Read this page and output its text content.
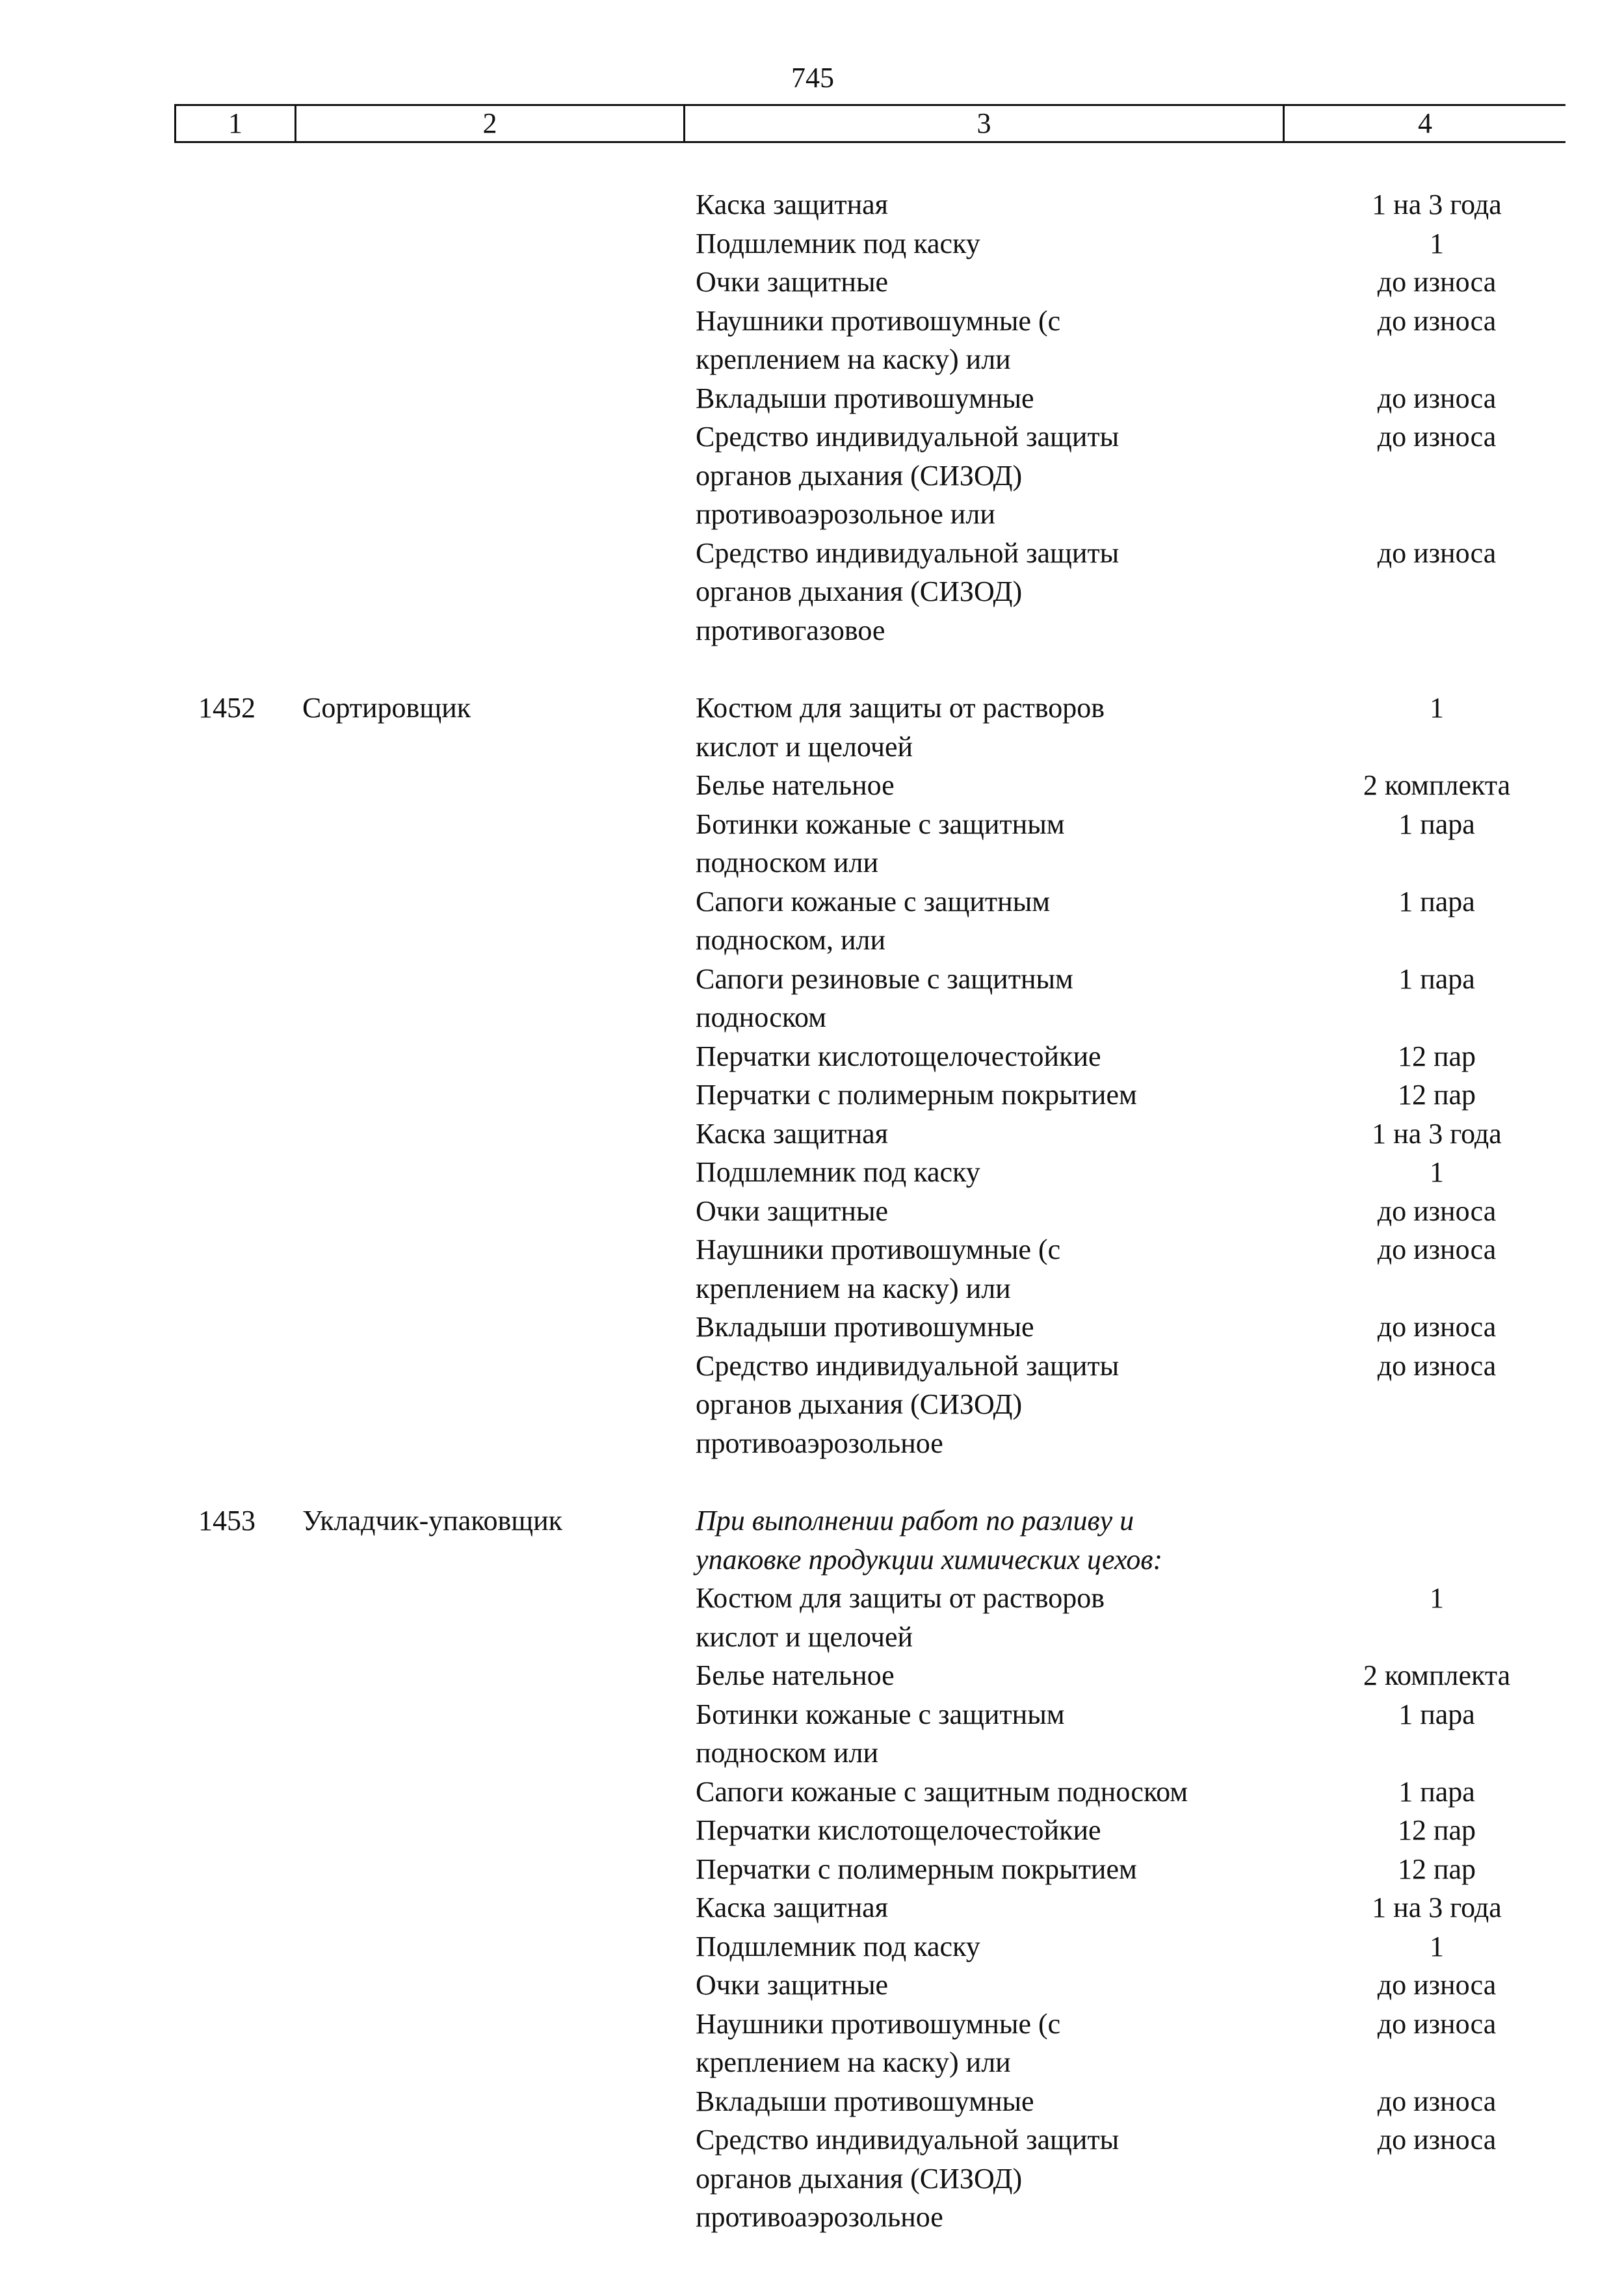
745
1	2	3	4
Каска защитная	1 на 3 года
Подшлемник под каску	1
Очки защитные	до износа
Наушники противошумные (с	до износа
креплением на каску) или
Вкладыши противошумные	до износа
Средство индивидуальной защиты	до износа
органов дыхания (СИЗОД)
противоаэрозольное или
Средство индивидуальной защиты	до износа
органов дыхания (СИЗОД)
противогазовое
1452	Сортировщик	Костюм для защиты от растворов	1
кислот и щелочей
Белье нательное	2 комплекта
Ботинки кожаные с защитным	1 пара
подноском или
Сапоги кожаные с защитным	1 пара
подноском, или
Сапоги резиновые с защитным	1 пара
подноском
Перчатки кислотощелочестойкие	12 пар
Перчатки с полимерным покрытием	12 пар
Каска защитная	1 на 3 года
Подшлемник под каску	1
Очки защитные	до износа
Наушники противошумные (с	до износа
креплением на каску) или
Вкладыши противошумные	до износа
Средство индивидуальной защиты	до износа
органов дыхания (СИЗОД)
противоаэрозольное
1453	Укладчик-упаковщик	При выполнении работ по разливу и
упаковке продукции химических цехов:
Костюм для защиты от растворов	1
кислот и щелочей
Белье нательное	2 комплекта
Ботинки кожаные с защитным	1 пара
подноском или
Сапоги кожаные с защитным подноском	1 пара
Перчатки кислотощелочестойкие	12 пар
Перчатки с полимерным покрытием	12 пар
Каска защитная	1 на 3 года
Подшлемник под каску	1
Очки защитные	до износа
Наушники противошумные (с	до износа
креплением на каску) или
Вкладыши противошумные	до износа
Средство индивидуальной защиты	до износа
органов дыхания (СИЗОД)
противоаэрозольное
